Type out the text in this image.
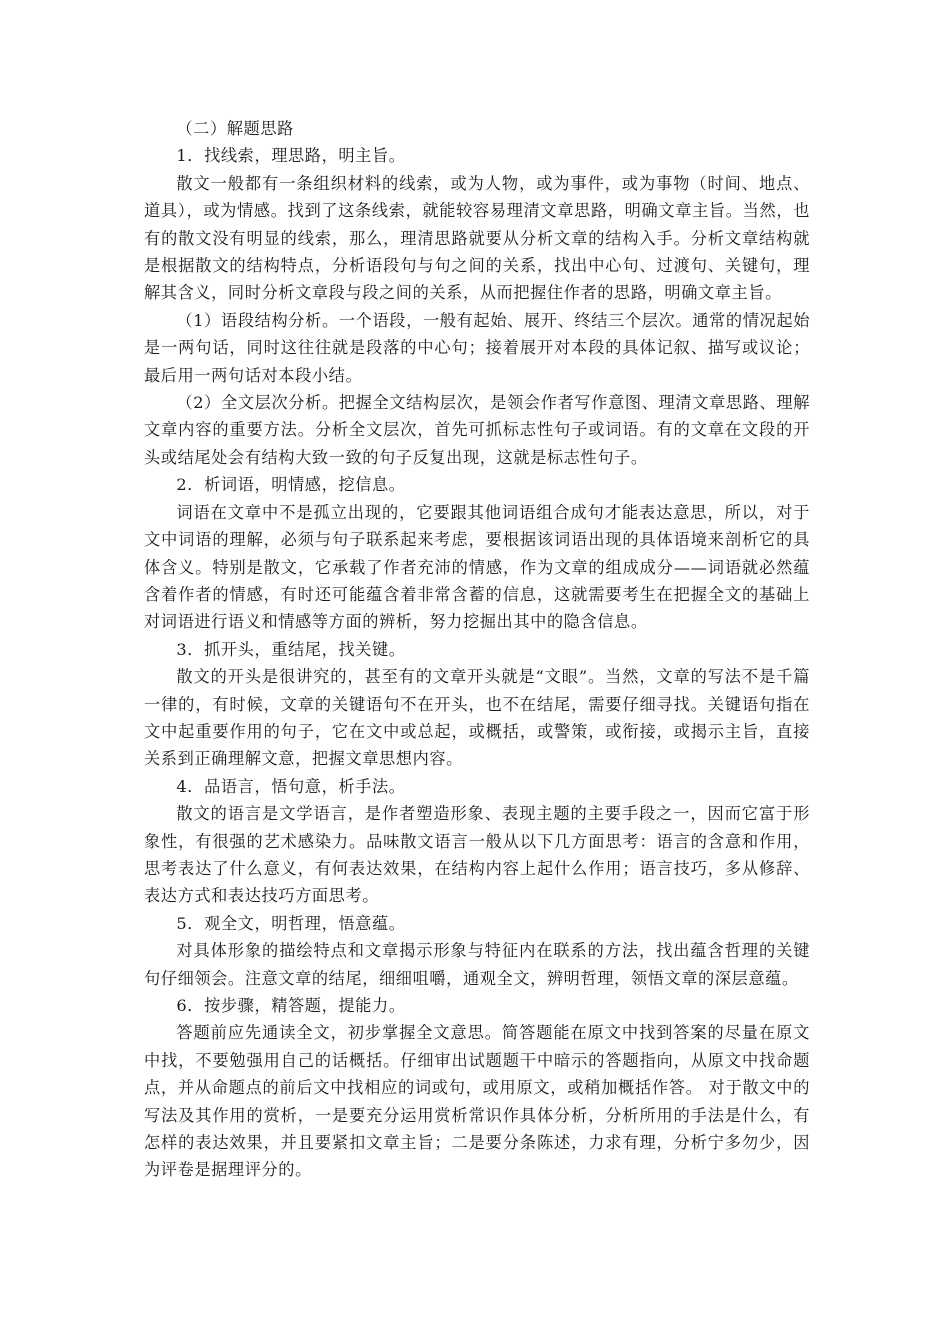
（二）解题思路

1．找线索，理思路，明主旨。

散文一般都有一条组织材料的线索，或为人物，或为事件，或为事物（时间、地点、道具），或为情感。找到了这条线索，就能较容易理清文章思路，明确文章主旨。当然，也有的散文没有明显的线索，那么，理清思路就要从分析文章的结构入手。分析文章结构就是根据散文的结构特点，分析语段句与句之间的关系，找出中心句、过渡句、关键句，理解其含义，同时分析文章段与段之间的关系，从而把握住作者的思路，明确文章主旨。

（1）语段结构分析。一个语段，一般有起始、展开、终结三个层次。通常的情况起始是一两句话，同时这往往就是段落的中心句；接着展开对本段的具体记叙、描写或议论；最后用一两句话对本段小结。

（2）全文层次分析。把握全文结构层次，是领会作者写作意图、理清文章思路、理解文章内容的重要方法。分析全文层次，首先可抓标志性句子或词语。有的文章在文段的开头或结尾处会有结构大致一致的句子反复出现，这就是标志性句子。

2．析词语，明情感，挖信息。

词语在文章中不是孤立出现的，它要跟其他词语组合成句才能表达意思，所以，对于文中词语的理解，必须与句子联系起来考虑，要根据该词语出现的具体语境来剖析它的具体含义。特别是散文，它承载了作者充沛的情感，作为文章的组成成分——词语就必然蕴含着作者的情感，有时还可能蕴含着非常含蓄的信息，这就需要考生在把握全文的基础上对词语进行语义和情感等方面的辨析，努力挖掘出其中的隐含信息。

3．抓开头，重结尾，找关键。

散文的开头是很讲究的，甚至有的文章开头就是“文眼”。当然，文章的写法不是千篇一律的，有时候，文章的关键语句不在开头，也不在结尾，需要仔细寻找。关键语句指在文中起重要作用的句子，它在文中或总起，或概括，或警策，或衔接，或揭示主旨，直接关系到正确理解文意，把握文章思想内容。

4．品语言，悟句意，析手法。

散文的语言是文学语言，是作者塑造形象、表现主题的主要手段之一，因而它富于形象性，有很强的艺术感染力。品味散文语言一般从以下几方面思考：语言的含意和作用，思考表达了什么意义，有何表达效果，在结构内容上起什么作用；语言技巧，多从修辞、表达方式和表达技巧方面思考。

5．观全文，明哲理，悟意蕴。

对具体形象的描绘特点和文章揭示形象与特征内在联系的方法，找出蕴含哲理的关键句仔细领会。注意文章的结尾，细细咀嚼，通观全文，辨明哲理，领悟文章的深层意蕴。

6．按步骤，精答题，提能力。

答题前应先通读全文，初步掌握全文意思。简答题能在原文中找到答案的尽量在原文中找，不要勉强用自己的话概括。仔细审出试题题干中暗示的答题指向，从原文中找命题点，并从命题点的前后文中找相应的词或句，或用原文，或稍加概括作答。 对于散文中的写法及其作用的赏析，一是要充分运用赏析常识作具体分析，分析所用的手法是什么，有怎样的表达效果，并且要紧扣文章主旨；二是要分条陈述，力求有理，分析宁多勿少，因为评卷是据理评分的。
